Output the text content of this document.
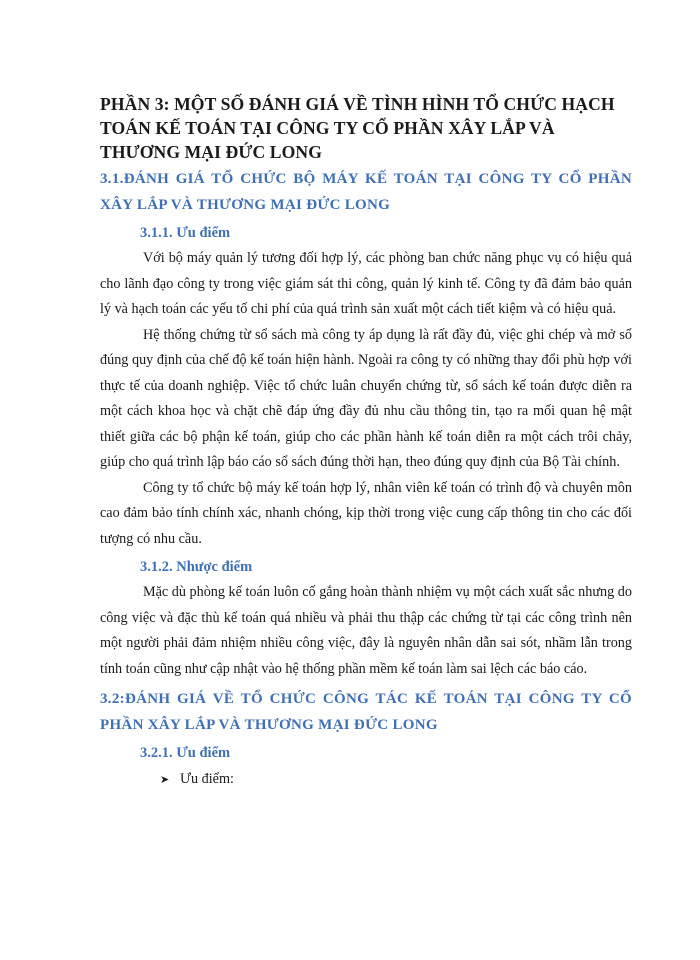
PHẦN 3: MỘT SỐ ĐÁNH GIÁ VỀ TÌNH HÌNH TỔ CHỨC HẠCH TOÁN KẾ TOÁN TẠI CÔNG TY CỔ PHẦN XÂY LẮP VÀ THƯƠNG MẠI ĐỨC LONG
3.1.ĐÁNH GIÁ TỔ CHỨC BỘ MÁY KẾ TOÁN TẠI CÔNG TY CỔ PHẦN XÂY LẮP VÀ THƯƠNG MẠI ĐỨC LONG
3.1.1. Ưu điểm

Với bộ máy quản lý tương đối hợp lý, các phòng ban chức năng phục vụ có hiệu quả cho lãnh đạo công ty trong việc giám sát thi công, quản lý kinh tế. Công ty đã đảm bảo quản lý và hạch toán các yếu tố chi phí của quá trình sản xuất một cách tiết kiệm và có hiệu quả.

Hệ thống chứng từ sổ sách mà công ty áp dụng là rất đầy đủ, việc ghi chép và mở sổ đúng quy định của chế độ kế toán hiện hành. Ngoài ra công ty có những thay đổi phù hợp với thực tế của doanh nghiệp. Việc tổ chức luân chuyển chứng từ, sổ sách kế toán được diễn ra một cách khoa học và chặt chẽ đáp ứng đầy đủ nhu cầu thông tin, tạo ra mối quan hệ mật thiết giữa các bộ phận kế toán, giúp cho các phần hành kế toán diễn ra một cách trôi chảy, giúp cho quá trình lập báo cáo sổ sách đúng thời hạn, theo đúng quy định của Bộ Tài chính.

Công ty tổ chức bộ máy kế toán hợp lý, nhân viên kế toán có trình độ và chuyên môn cao đảm bảo tính chính xác, nhanh chóng, kịp thời trong việc cung cấp thông tin cho các đối tượng có nhu cầu.

3.1.2. Nhược điểm

Mặc dù phòng kế toán luôn cố gắng hoàn thành nhiệm vụ một cách xuất sắc nhưng do công việc và đặc thù kế toán quá nhiều và phải thu thập các chứng từ tại các công trình nên một người phải đảm nhiệm nhiều công việc, đây là nguyên nhân dẫn sai sót, nhầm lẫn trong tính toán cũng như cập nhật vào hệ thống phần mềm kế toán làm sai lệch các báo cáo.

3.2:ĐÁNH GIÁ VỀ TỔ CHỨC CÔNG TÁC KẾ TOÁN TẠI CÔNG TY CỔ PHẦN XÂY LẮP VÀ THƯƠNG MẠI ĐỨC LONG
3.2.1. Ưu điểm

➤ Ưu điểm:
